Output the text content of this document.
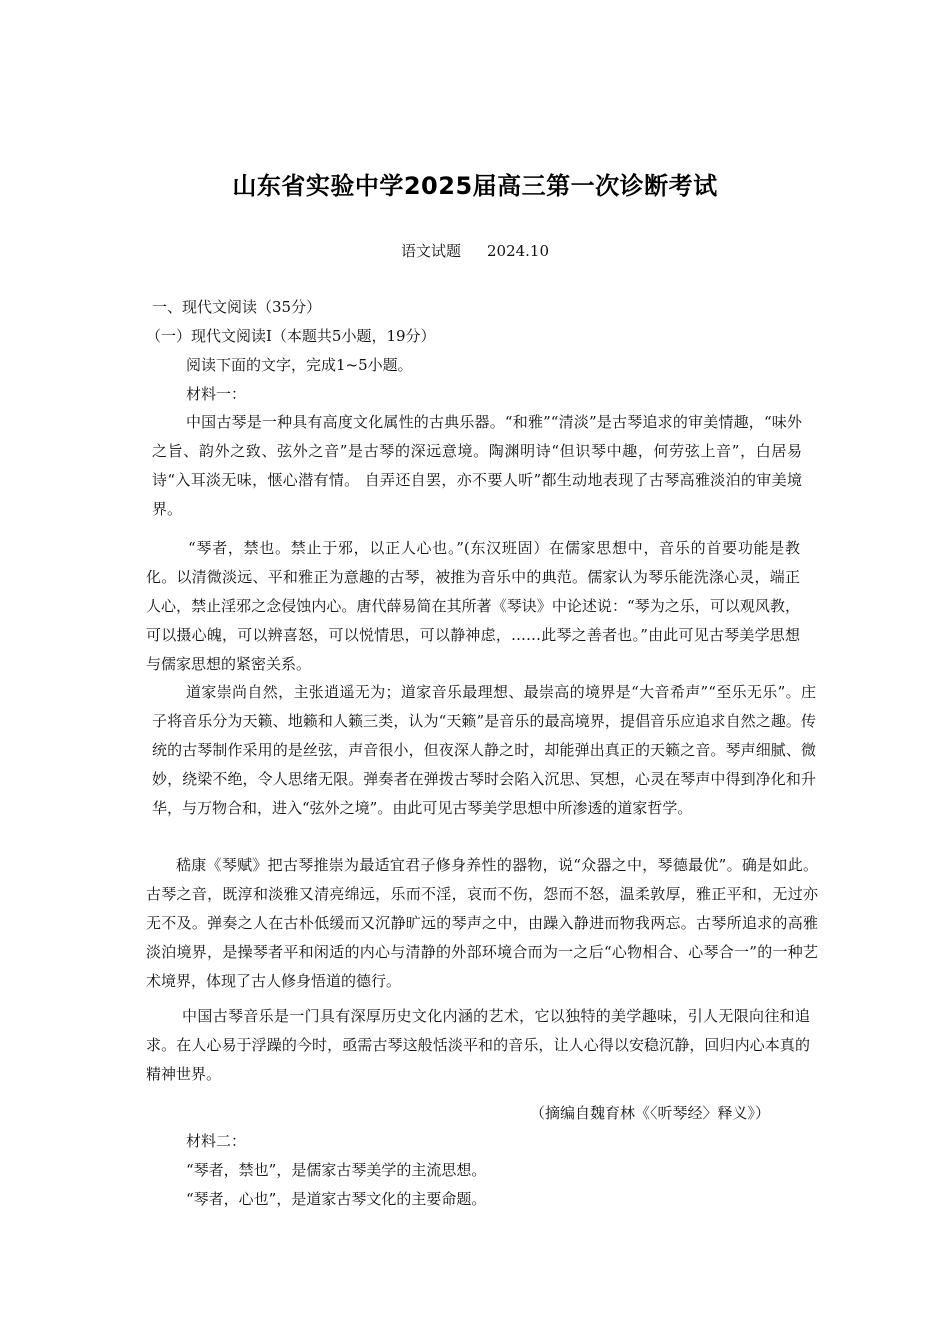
山东省实验中学2025届高三第一次诊断考试
语文试题 2024.10
一、现代文阅读（35分）
（一）现代文阅读Ⅰ（本题共5小题，19分）
阅读下面的文字，完成1~5小题。
材料一：
中国古琴是一种具有高度文化属性的古典乐器。“和雅”“清淡”是古琴追求的审美情趣，“味外之旨、韵外之致、弦外之音”是古琴的深远意境。陶渊明诗“但识琴中趣，何劳弦上音”，白居易诗“入耳淡无味，惬心潜有情。 自弄还自罢，亦不要人听”都生动地表现了古琴高雅淡泊的审美境界。
“琴者，禁也。禁止于邪，以正人心也。”(东汉班固）在儒家思想中，音乐的首要功能是教化。以清微淡远、平和雅正为意趣的古琴，被推为音乐中的典范。儒家认为琴乐能洗涤心灵，端正人心，禁止淫邪之念侵蚀内心。唐代薛易简在其所著《琴诀》中论述说：“琴为之乐，可以观风教，可以摄心魄，可以辨喜怒，可以悦情思，可以静神虑，……此琴之善者也。”由此可见古琴美学思想与儒家思想的紧密关系。
道家崇尚自然，主张逍遥无为；道家音乐最理想、最崇高的境界是“大音希声”“至乐无乐”。庄子将音乐分为天籁、地籁和人籁三类，认为“天籁”是音乐的最高境界，提倡音乐应追求自然之趣。传统的古琴制作采用的是丝弦，声音很小，但夜深人静之时，却能弹出真正的天籁之音。琴声细腻、微妙，绕梁不绝，令人思绪无限。弹奏者在弹拨古琴时会陷入沉思、冥想，心灵在琴声中得到净化和升华，与万物合和，进入“弦外之境”。由此可见古琴美学思想中所渗透的道家哲学。
嵇康《琴赋》把古琴推崇为最适宜君子修身养性的器物，说“众器之中，琴德最优”。确是如此。古琴之音，既淳和淡雅又清亮绵远，乐而不淫，哀而不伤，怨而不怒，温柔敦厚，雅正平和，无过亦无不及。弹奏之人在古朴低缓而又沉静旷远的琴声之中，由躁入静进而物我两忘。古琴所追求的高雅淡泊境界，是操琴者平和闲适的内心与清静的外部环境合而为一之后“心物相合、心琴合一”的一种艺术境界，体现了古人修身悟道的德行。
中国古琴音乐是一门具有深厚历史文化内涵的艺术，它以独特的美学趣味，引人无限向往和追求。在人心易于浮躁的今时，亟需古琴这般恬淡平和的音乐，让人心得以安稳沉静，回归内心本真的精神世界。
（摘编自魏育林《〈听琴经〉释义》）
材料二：
“琴者，禁也”，是儒家古琴美学的主流思想。
“琴者，心也”，是道家古琴文化的主要命题。
